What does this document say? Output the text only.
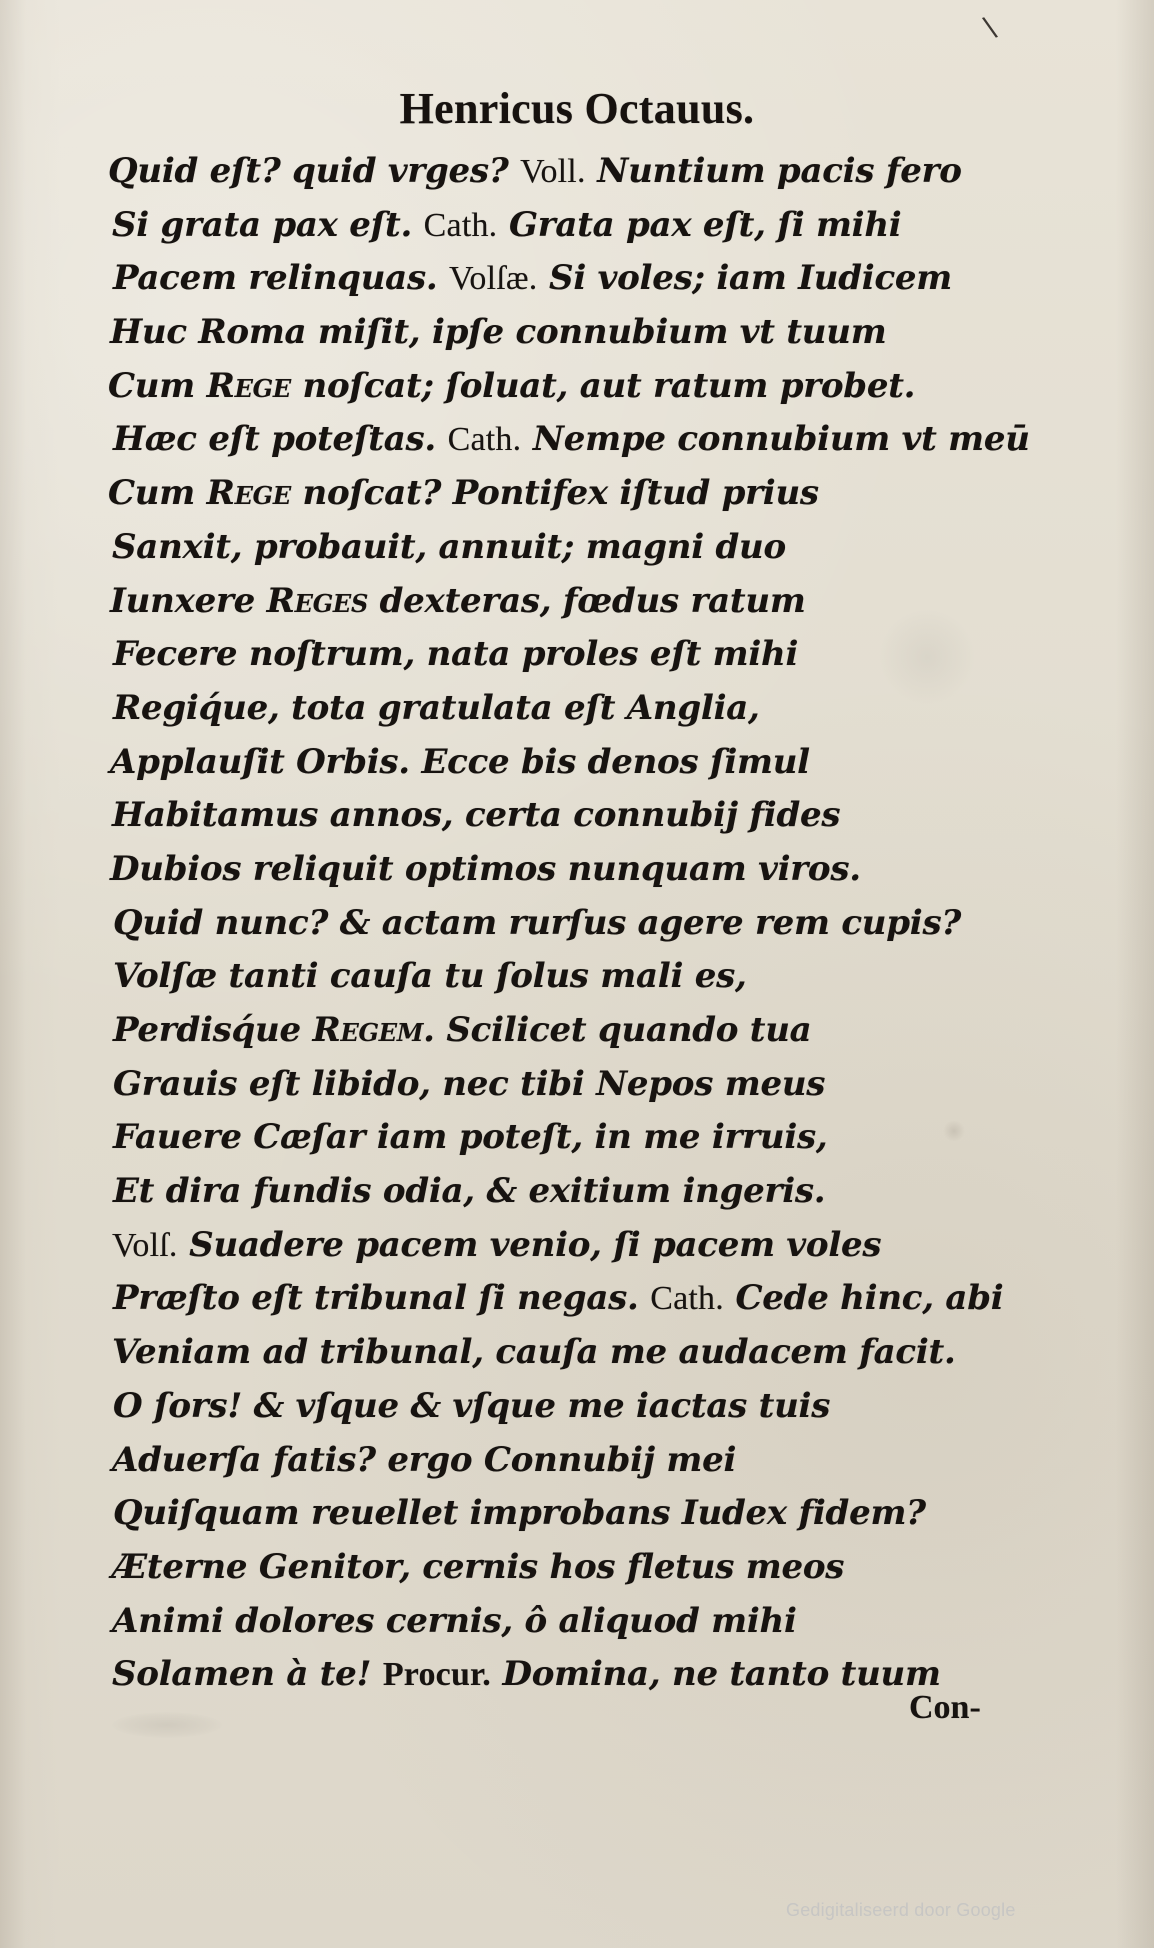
\
Henricus Octauus.
Quid eſt? quid vrges? Voll. Nuntium pacis fero
Si grata pax eſt. Cath. Grata pax eſt, ſi mihi
Pacem relinquas. Volſæ. Si voles; iam Iudicem
Huc Roma miſit, ipſe connubium vt tuum
Cum Rege noſcat; ſoluat, aut ratum probet.
Hæc eſt poteſtas. Cath. Nempe connubium vt meū
Cum Rege noſcat? Pontifex iſtud prius
Sanxit, probauit, annuit; magni duo
Iunxere Reges dexteras, fœdus ratum
Fecere noſtrum, nata proles eſt mihi
Regiq́ue, tota gratulata eſt Anglia,
Applauſit Orbis. Ecce bis denos ſimul
Habitamus annos, certa connubij fides
Dubios reliquit optimos nunquam viros.
Quid nunc? & actam rurſus agere rem cupis?
Volſæ tanti cauſa tu ſolus mali es,
Perdisq́ue Regem. Scilicet quando tua
Grauis eſt libido, nec tibi Nepos meus
Fauere Cæſar iam poteſt, in me irruis,
Et dira fundis odia, & exitium ingeris.
Volſ. Suadere pacem venio, ſi pacem voles
Præſto eſt tribunal ſi negas. Cath. Cede hinc, abi
Veniam ad tribunal, cauſa me audacem facit.
O ſors! & vſque & vſque me iactas tuis
Aduerſa fatis? ergo Connubij mei
Quiſquam reuellet improbans Iudex fidem?
Æterne Genitor, cernis hos fletus meos
Animi dolores cernis, ô aliquod mihi
Solamen à te! Procur. Domina, ne tanto tuum
Con-
Gedigitaliseerd door Google
